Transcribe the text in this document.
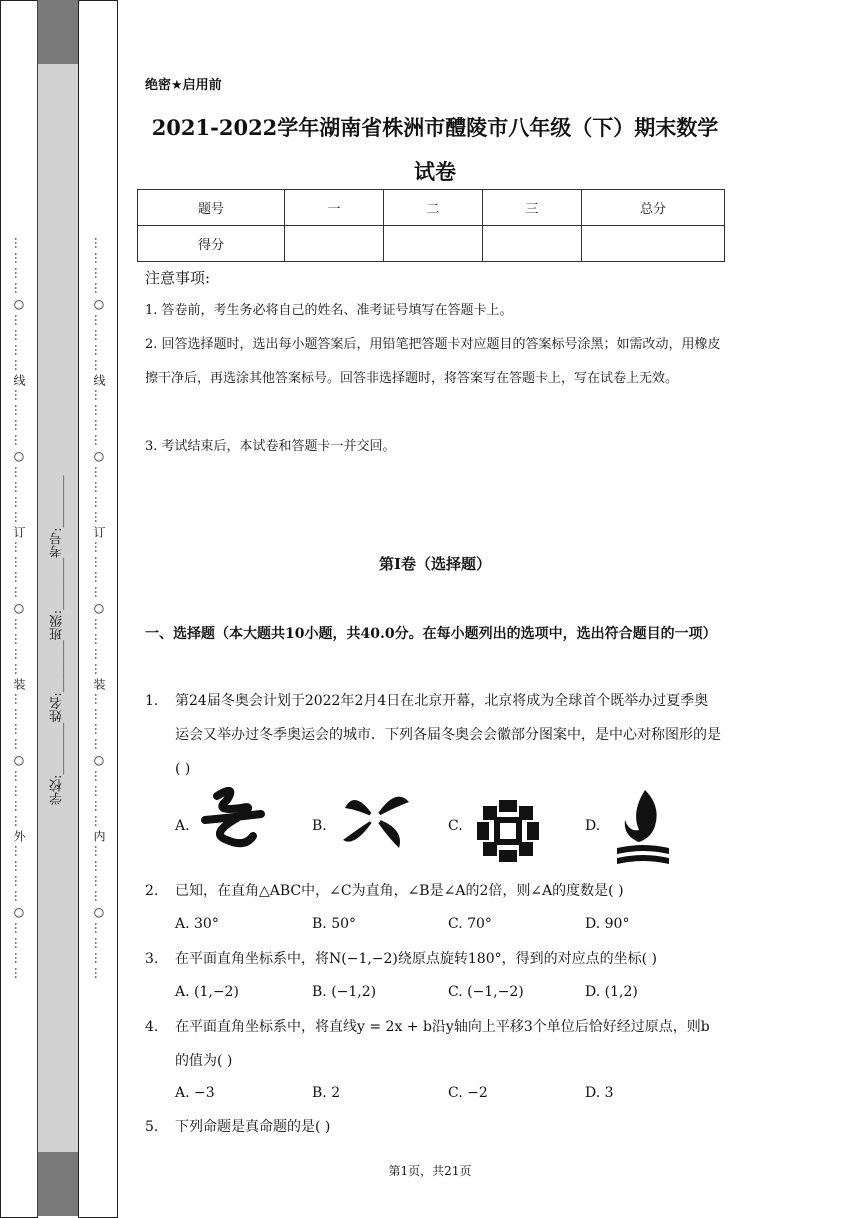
…………○…………线…………○…………订…………○…………装…………○…………外…………○…………	学校:________姓名:________班级:________考号:________	…………○…………线…………○…………订…………○…………装…………○…………内…………○…………
绝密★启用前
2021-2022学年湖南省株洲市醴陵市八年级（下）期末数学试卷
题号	一	二	三	总分
得分				
注意事项:
1. 答卷前，考生务必将自己的姓名、准考证号填写在答题卡上。
2. 回答选择题时，选出每小题答案后，用铅笔把答题卡对应题目的答案标号涂黑；如需改动，用橡皮擦干净后，再选涂其他答案标号。回答非选择题时，将答案写在答题卡上，写在试卷上无效。
3. 考试结束后，本试卷和答题卡一并交回。
第Ⅰ卷（选择题）
一、选择题（本大题共10小题，共40.0分。在每小题列出的选项中，选出符合题目的一项）
1. 第24届冬奥会计划于2022年2月4日在北京开幕，北京将成为全球首个既举办过夏季奥运会又举办过冬季奥运会的城市．下列各届冬奥会会徽部分图案中，是中心对称图形的是( )
A.	B.	C.	D.
2. 已知，在直角△ABC中，∠C为直角，∠B是∠A的2倍，则∠A的度数是( )
A. 30°	B. 50°	C. 70°	D. 90°
3. 在平面直角坐标系中，将N(−1,−2)绕原点旋转180°，得到的对应点的坐标( )
A. (1,−2)	B. (−1,2)	C. (−1,−2)	D. (1,2)
4. 在平面直角坐标系中，将直线y = 2x + b沿y轴向上平移3个单位后恰好经过原点，则b的值为( )
A. −3	B. 2	C. −2	D. 3
5. 下列命题是真命题的是( )
第1页，共21页
